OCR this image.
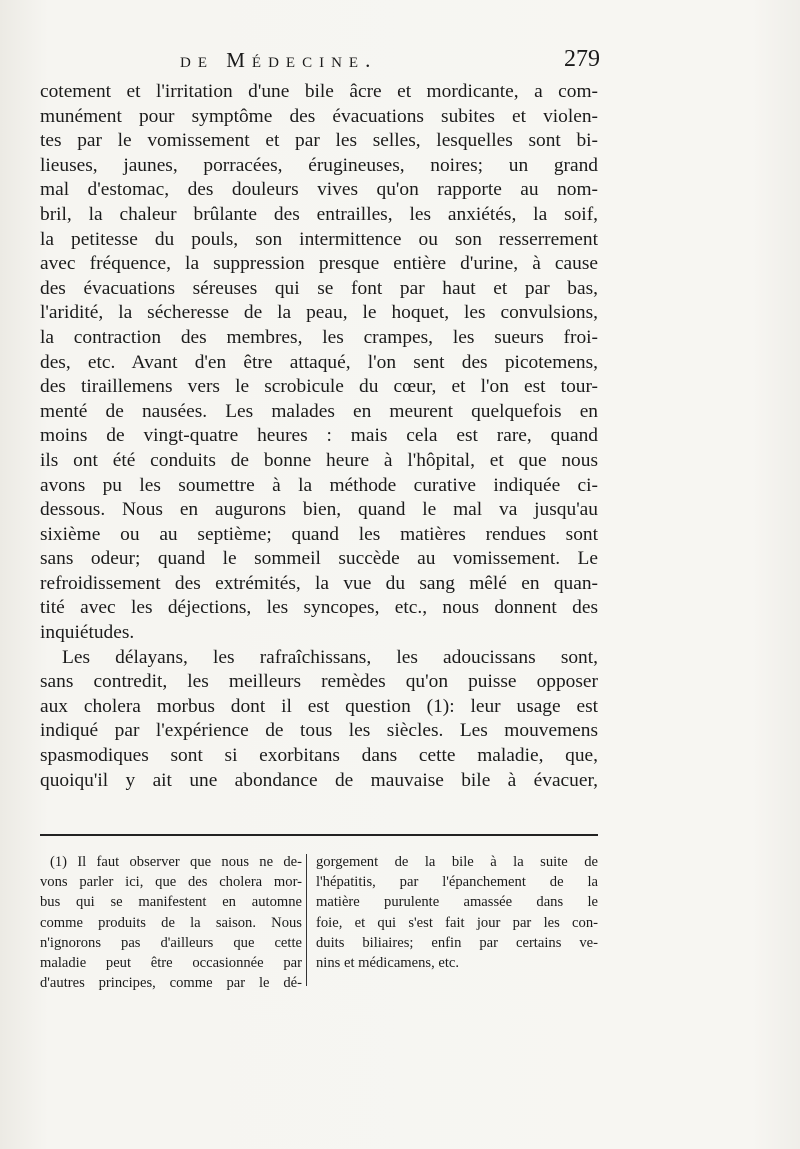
de Médecine.	279
cotement et l'irritation d'une bile âcre et mordicante, a com-
munément pour symptôme des évacuations subites et violen-
tes par le vomissement et par les selles, lesquelles sont bi-
lieuses, jaunes, porracées, érugineuses, noires; un grand
mal d'estomac, des douleurs vives qu'on rapporte au nom-
bril, la chaleur brûlante des entrailles, les anxiétés, la soif,
la petitesse du pouls, son intermittence ou son resserrement
avec fréquence, la suppression presque entière d'urine, à cause
des évacuations séreuses qui se font par haut et par bas,
l'aridité, la sécheresse de la peau, le hoquet, les convulsions,
la contraction des membres, les crampes, les sueurs froi-
des, etc. Avant d'en être attaqué, l'on sent des picotemens,
des tiraillemens vers le scrobicule du cœur, et l'on est tour-
menté de nausées. Les malades en meurent quelquefois en
moins de vingt-quatre heures : mais cela est rare, quand
ils ont été conduits de bonne heure à l'hôpital, et que nous
avons pu les soumettre à la méthode curative indiquée ci-
dessous. Nous en augurons bien, quand le mal va jusqu'au
sixième ou au septième; quand les matières rendues sont
sans odeur; quand le sommeil succède au vomissement. Le
refroidissement des extrémités, la vue du sang mêlé en quan-
tité avec les déjections, les syncopes, etc., nous donnent des
inquiétudes.
Les délayans, les rafraîchissans, les adoucissans sont,
sans contredit, les meilleurs remèdes qu'on puisse opposer
aux cholera morbus dont il est question (1): leur usage est
indiqué par l'expérience de tous les siècles. Les mouvemens
spasmodiques sont si exorbitans dans cette maladie, que,
quoiqu'il y ait une abondance de mauvaise bile à évacuer,
(1) Il faut observer que nous ne de-
vons parler ici, que des cholera mor-
bus qui se manifestent en automne
comme produits de la saison. Nous
n'ignorons pas d'ailleurs que cette
maladie peut être occasionnée par
d'autres principes, comme par le dé-
gorgement de la bile à la suite de
l'hépatitis, par l'épanchement de la
matière purulente amassée dans le
foie, et qui s'est fait jour par les con-
duits biliaires; enfin par certains ve-
nins et médicamens, etc.
